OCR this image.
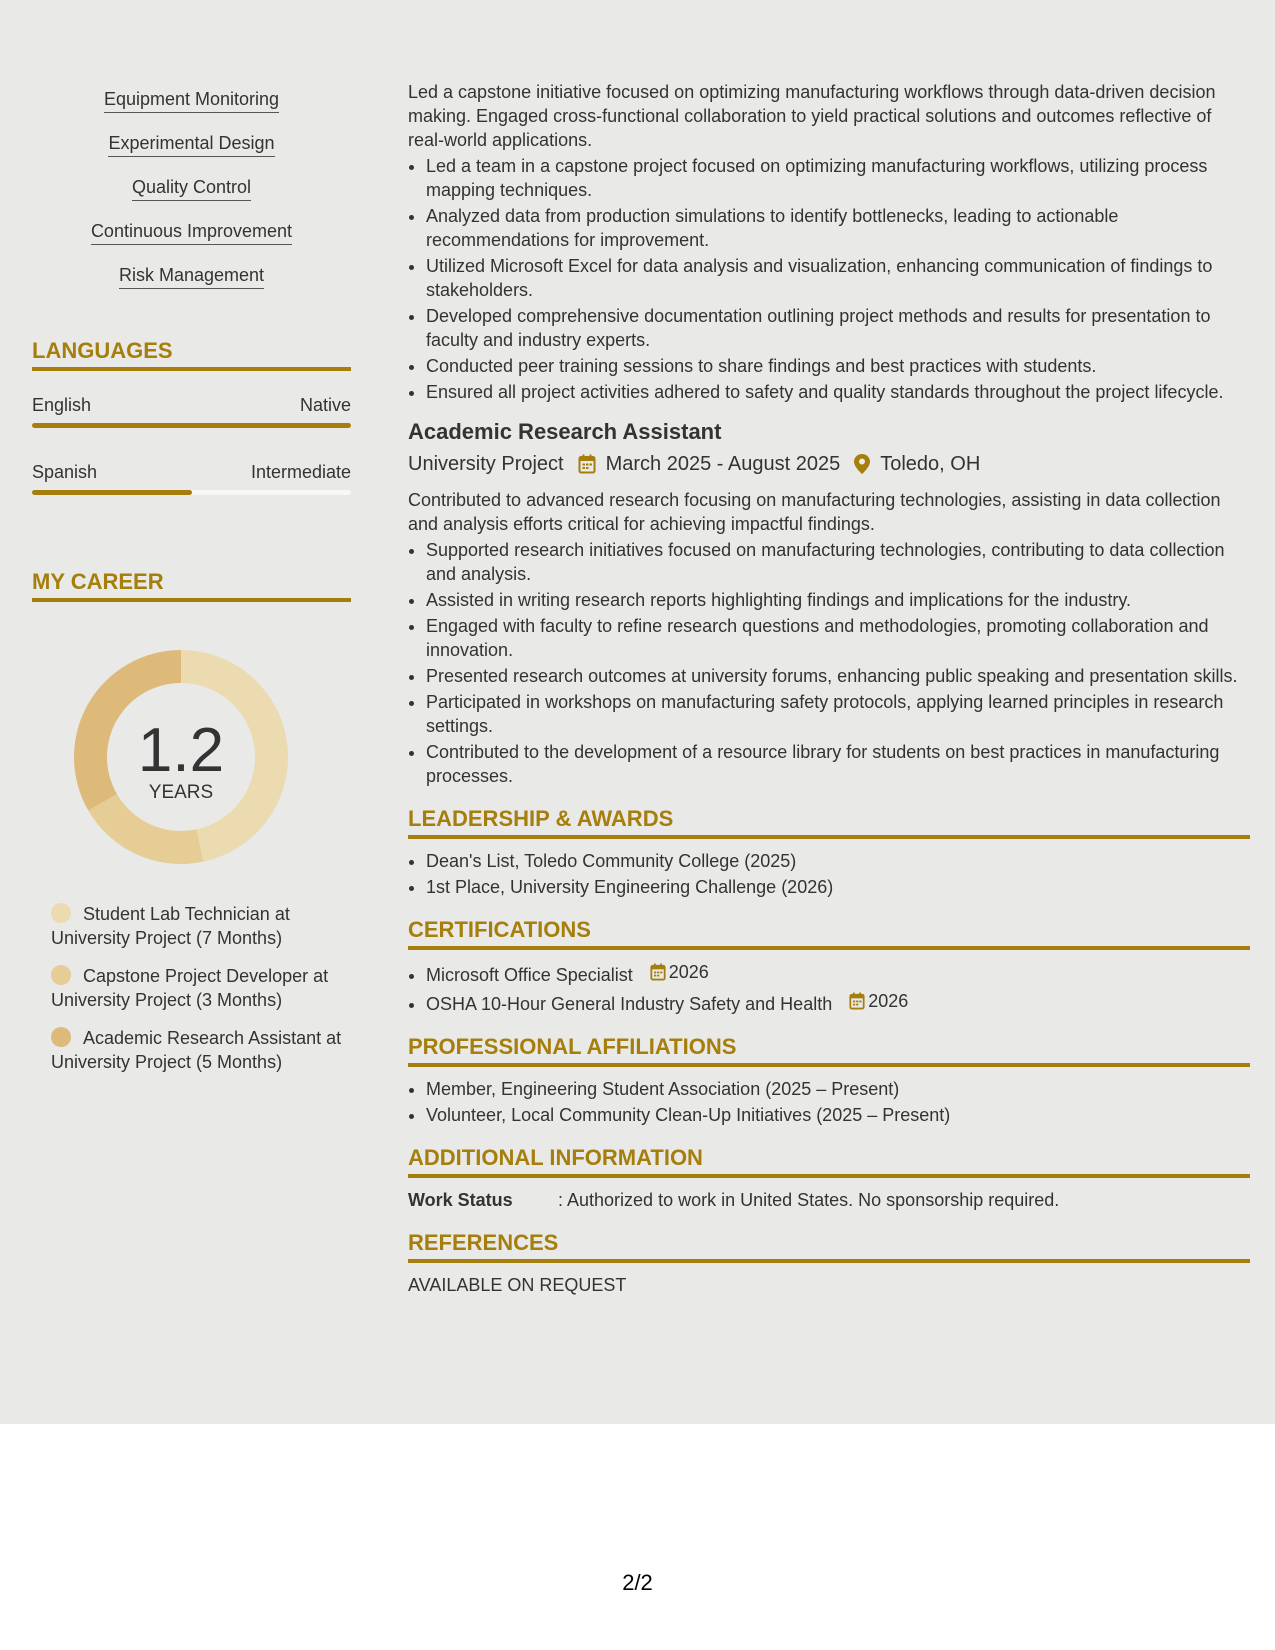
Equipment Monitoring
Experimental Design
Quality Control
Continuous Improvement
Risk Management
LANGUAGES
English	Native
Spanish	Intermediate
MY CAREER
1.2
YEARS
Student Lab Technician at University Project (7 Months)
Capstone Project Developer at University Project (3 Months)
Academic Research Assistant at University Project (5 Months)

Led a capstone initiative focused on optimizing manufacturing workflows through data-driven decision making. Engaged cross-functional collaboration to yield practical solutions and outcomes reflective of real-world applications.

• Led a team in a capstone project focused on optimizing manufacturing workflows, utilizing process mapping techniques.
• Analyzed data from production simulations to identify bottlenecks, leading to actionable recommendations for improvement.
• Utilized Microsoft Excel for data analysis and visualization, enhancing communication of findings to stakeholders.
• Developed comprehensive documentation outlining project methods and results for presentation to faculty and industry experts.
• Conducted peer training sessions to share findings and best practices with students.
• Ensured all project activities adhered to safety and quality standards throughout the project lifecycle.
Academic Research Assistant
University Project March 2025 - August 2025 Toledo, OH

Contributed to advanced research focusing on manufacturing technologies, assisting in data collection and analysis efforts critical for achieving impactful findings.

• Supported research initiatives focused on manufacturing technologies, contributing to data collection and analysis.
• Assisted in writing research reports highlighting findings and implications for the industry.
• Engaged with faculty to refine research questions and methodologies, promoting collaboration and innovation.
• Presented research outcomes at university forums, enhancing public speaking and presentation skills.
• Participated in workshops on manufacturing safety protocols, applying learned principles in research settings.
• Contributed to the development of a resource library for students on best practices in manufacturing processes.
LEADERSHIP & AWARDS
• Dean's List, Toledo Community College (2025)
• 1st Place, University Engineering Challenge (2026)
CERTIFICATIONS
• Microsoft Office Specialist 2026
• OSHA 10-Hour General Industry Safety and Health 2026
PROFESSIONAL AFFILIATIONS
• Member, Engineering Student Association (2025 – Present)
• Volunteer, Local Community Clean-Up Initiatives (2025 – Present)
ADDITIONAL INFORMATION
Work Status	: Authorized to work in United States. No sponsorship required.
REFERENCES
AVAILABLE ON REQUEST
2/2
